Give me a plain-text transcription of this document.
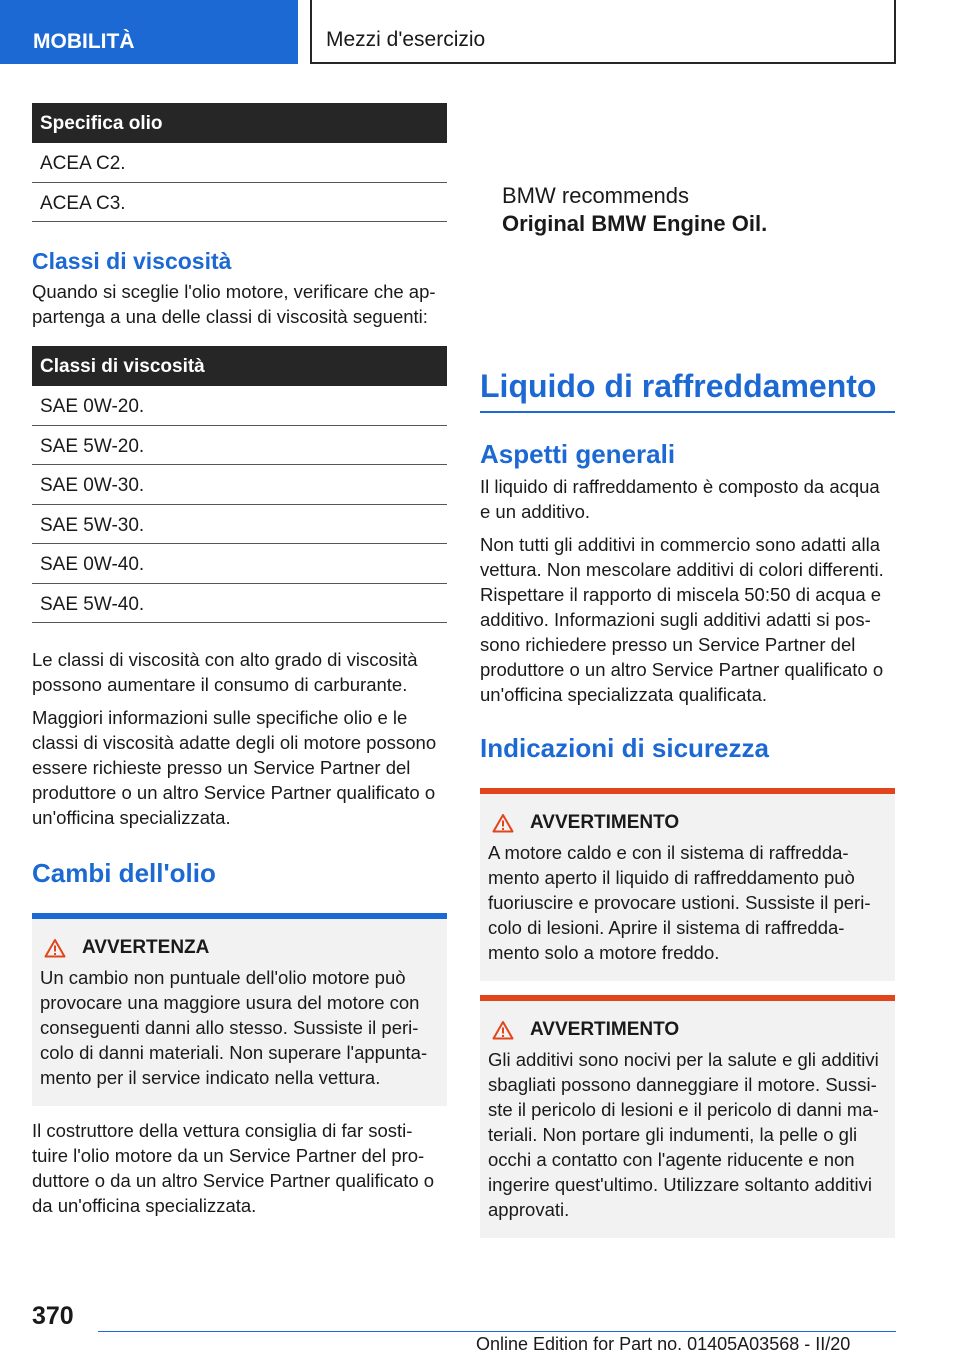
MOBILITÀ	Mezzi d'esercizio
Specifica olio
ACEA C2.
ACEA C3.
Classi di viscosità
Quando si sceglie l'olio motore, verificare che ap-partenga a una delle classi di viscosità seguenti:
Classi di viscosità
SAE 0W-20.
SAE 5W-20.
SAE 0W-30.
SAE 5W-30.
SAE 0W-40.
SAE 5W-40.
Le classi di viscosità con alto grado di viscosità possono aumentare il consumo di carburante.
Maggiori informazioni sulle specifiche olio e le classi di viscosità adatte degli oli motore possono essere richieste presso un Service Partner del produttore o un altro Service Partner qualificato o un'officina specializzata.
Cambi dell'olio
AVVERTENZA
Un cambio non puntuale dell'olio motore può provocare una maggiore usura del motore con conseguenti danni allo stesso. Sussiste il peri-colo di danni materiali. Non superare l'appunta-mento per il service indicato nella vettura.
Il costruttore della vettura consiglia di far sosti-tuire l'olio motore da un Service Partner del pro-duttore o da un altro Service Partner qualificato o da un'officina specializzata.
BMW recommends
Original BMW Engine Oil.
Liquido di raffreddamento
Aspetti generali
Il liquido di raffreddamento è composto da acqua e un additivo.
Non tutti gli additivi in commercio sono adatti alla vettura. Non mescolare additivi di colori differenti. Rispettare il rapporto di miscela 50:50 di acqua e additivo. Informazioni sugli additivi adatti si pos-sono richiedere presso un Service Partner del produttore o un altro Service Partner qualificato o un'officina specializzata qualificata.
Indicazioni di sicurezza
AVVERTIMENTO
A motore caldo e con il sistema di raffredda-mento aperto il liquido di raffreddamento può fuoriuscire e provocare ustioni. Sussiste il peri-colo di lesioni. Aprire il sistema di raffredda-mento solo a motore freddo.
AVVERTIMENTO
Gli additivi sono nocivi per la salute e gli additivi sbagliati possono danneggiare il motore. Sussi-ste il pericolo di lesioni e il pericolo di danni ma-teriali. Non portare gli indumenti, la pelle o gli occhi a contatto con l'agente riducente e non ingerire quest'ultimo. Utilizzare soltanto additivi approvati.
370
Online Edition for Part no. 01405A03568 - II/20
